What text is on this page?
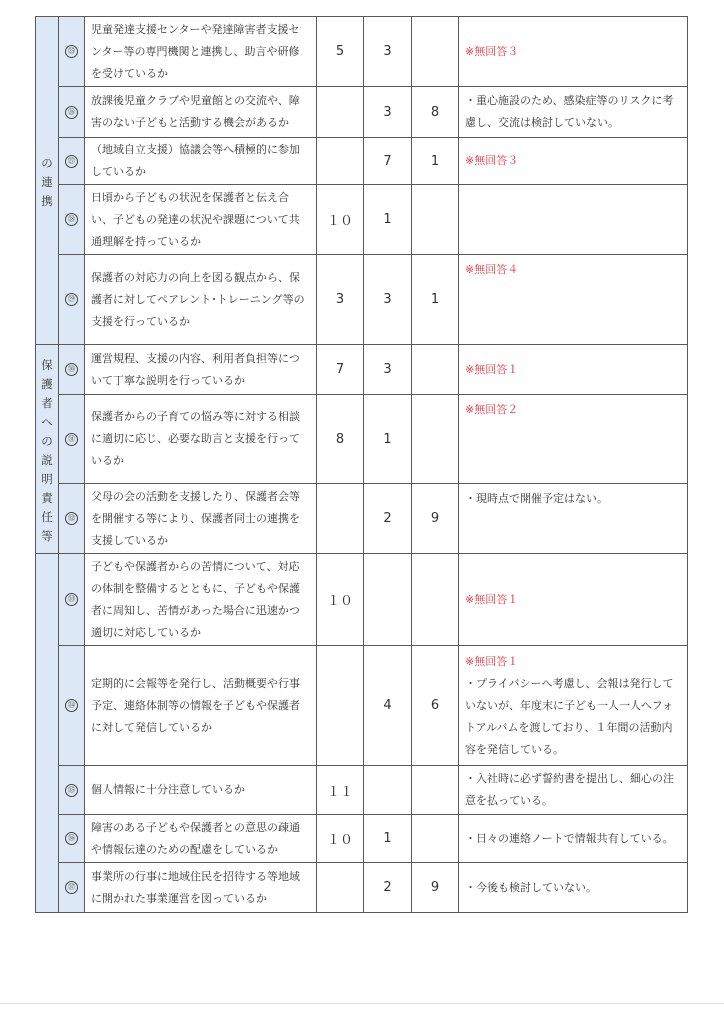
の連携	㉕	児童発達支援センターや発達障害者支援センター等の専門機関と連携し、助言や研修を受けているか	5	3		※無回答３

	㉖	放課後児童クラブや児童館との交流や、障害のない子どもと活動する機会があるか		3	8	・重心施設のため、感染症等のリスクに考慮し、交流は検討していない。
	㉗	（地域自立支援）協議会等へ積極的に参加しているか		7	1	※無回答３

	㉘	日頃から子どもの状況を保護者と伝え合い、子どもの発達の状況や課題について共通理解を持っているか	１０	1		
	㉙	保護者の対応力の向上を図る観点から、保護者に対してペアレント･トレーニング等の支援を行っているか	3	3	1	※無回答４

保護者への説明責任等	㉚	運営規程、支援の内容、利用者負担等について丁寧な説明を行っているか	7	3		※無回答１

	㉛	保護者からの子育ての悩み等に対する相談に適切に応じ、必要な助言と支援を行っているか	8	1		※無回答２

	㉜	父母の会の活動を支援したり、保護者会等を開催する等により、保護者同士の連携を支援しているか		2	9	・現時点で開催予定はない。

	㉝	子どもや保護者からの苦情について、対応の体制を整備するとともに、子どもや保護者に周知し、苦情があった場合に迅速かつ適切に対応しているか	１０			※無回答１

	㉞	定期的に会報等を発行し、活動概要や行事予定、連絡体制等の情報を子どもや保護者に対して発信しているか		4	6	※無回答１
・プライバシーへ考慮し、会報は発行していないが、年度末に子ども一人一人へフォトアルバムを渡しており、１年間の活動内容を発信している。
	㉟	個人情報に十分注意しているか	１１			・入社時に必ず誓約書を提出し、細心の注意を払っている。
	㊱	障害のある子どもや保護者との意思の疎通や情報伝達のための配慮をしているか	１０	1		・日々の連絡ノートで情報共有している。
	㊲	事業所の行事に地域住民を招待する等地域に開かれた事業運営を図っているか		2	9	・今後も検討していない。
